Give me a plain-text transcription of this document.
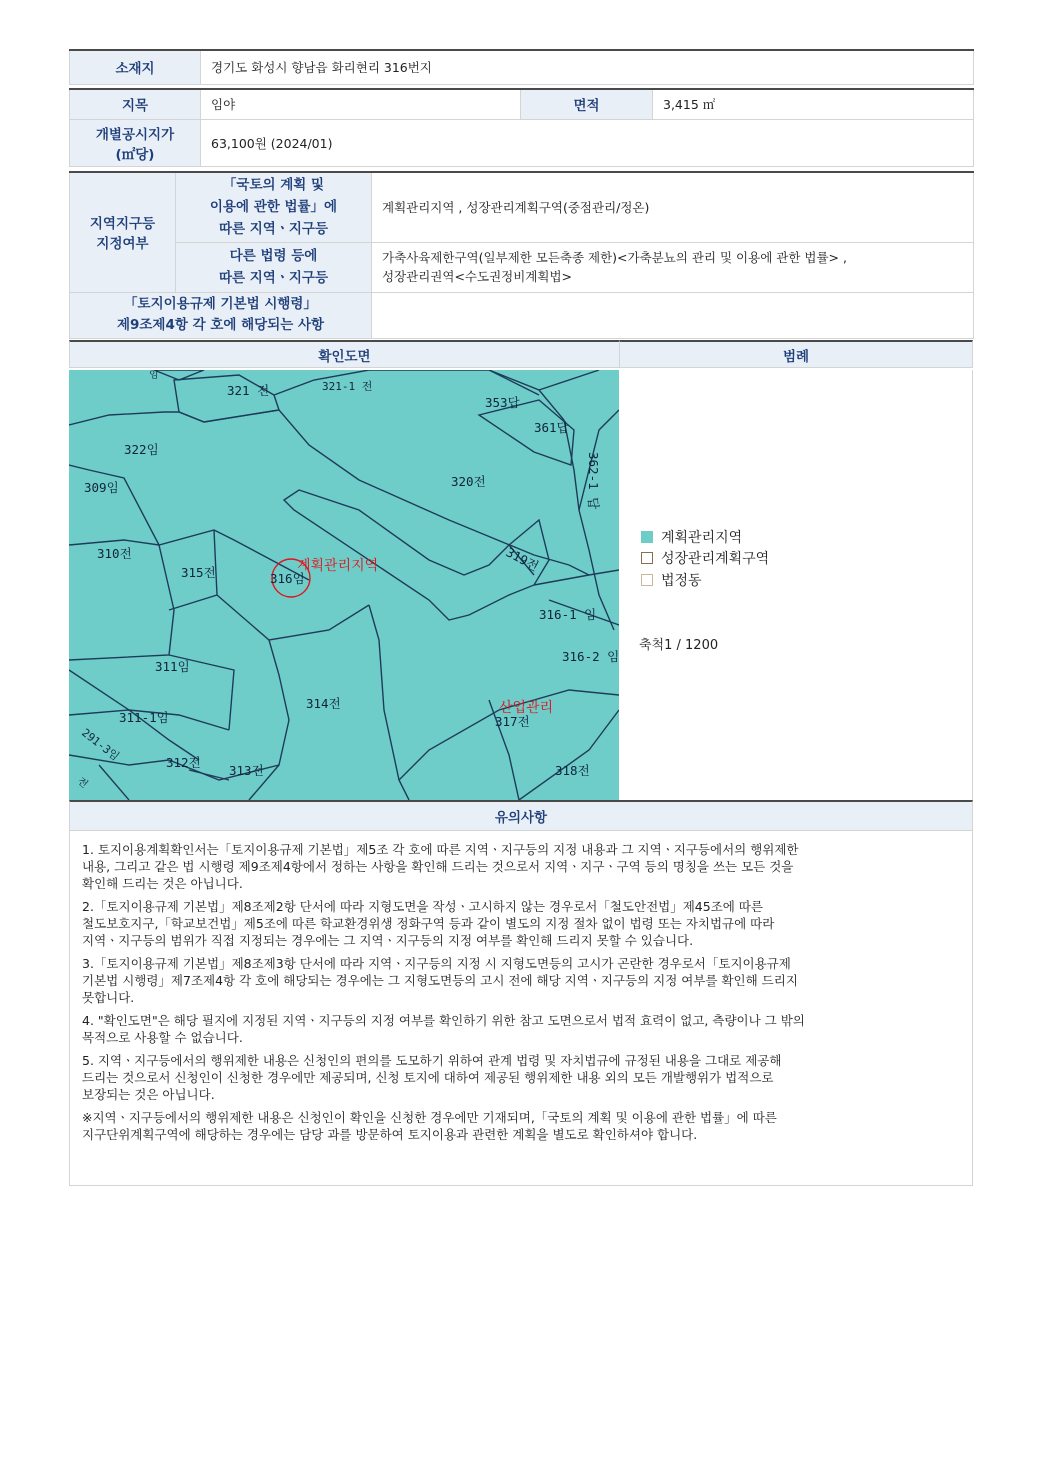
소재지	경기도 화성시 향남읍 화리현리 316번지		

지목	임야	면적	3,415 ㎡
개별공시지가
(㎡당)	63,100원 (2024/01)		
지역지구등
지정여부	「국토의 계획 및
이용에 관한 법률」에
따른 지역ㆍ지구등	계획관리지역 , 성장관리계획구역(중점관리/정온)
	다른 법령 등에
따른 지역ㆍ지구등	가축사육제한구역(일부제한 모든축종 제한)<가축분뇨의 관리 및 이용에 관한 법률> ,
성장관리권역<수도권정비계획법>
「토지이용규제 기본법 시행령」
제9조제4항 각 호에 해당되는 사항		
확인도면	범례
321 전	321-1 전
353답
361답
362-1 답
322임
309임	320전
310전
315전	316임
319전
316-1 임
316-2 임
311임
314전
311-1임	317전
291-3임	312전
313전	318전
임
전
계획관리지역
산업관리
계획관리지역
성장관리계획구역
법정동
축척1 / 1200
유의사항

1. 토지이용계획확인서는「토지이용규제 기본법」제5조 각 호에 따른 지역ㆍ지구등의 지정 내용과 그 지역ㆍ지구등에서의 행위제한
내용, 그리고 같은 법 시행령 제9조제4항에서 정하는 사항을 확인해 드리는 것으로서 지역ㆍ지구ㆍ구역 등의 명칭을 쓰는 모든 것을
확인해 드리는 것은 아닙니다.

2.「토지이용규제 기본법」제8조제2항 단서에 따라 지형도면을 작성ㆍ고시하지 않는 경우로서「철도안전법」제45조에 따른
철도보호지구,「학교보건법」제5조에 따른 학교환경위생 정화구역 등과 같이 별도의 지정 절차 없이 법령 또는 자치법규에 따라
지역ㆍ지구등의 범위가 직접 지정되는 경우에는 그 지역ㆍ지구등의 지정 여부를 확인해 드리지 못할 수 있습니다.

3.「토지이용규제 기본법」제8조제3항 단서에 따라 지역ㆍ지구등의 지정 시 지형도면등의 고시가 곤란한 경우로서「토지이용규제
기본법 시행령」제7조제4항 각 호에 해당되는 경우에는 그 지형도면등의 고시 전에 해당 지역ㆍ지구등의 지정 여부를 확인해 드리지
못합니다.

4. "확인도면"은 해당 필지에 지정된 지역ㆍ지구등의 지정 여부를 확인하기 위한 참고 도면으로서 법적 효력이 없고, 측량이나 그 밖의
목적으로 사용할 수 없습니다.

5. 지역ㆍ지구등에서의 행위제한 내용은 신청인의 편의를 도모하기 위하여 관계 법령 및 자치법규에 규정된 내용을 그대로 제공해
드리는 것으로서 신청인이 신청한 경우에만 제공되며, 신청 토지에 대하여 제공된 행위제한 내용 외의 모든 개발행위가 법적으로
보장되는 것은 아닙니다.

※지역ㆍ지구등에서의 행위제한 내용은 신청인이 확인을 신청한 경우에만 기재되며,「국토의 계획 및 이용에 관한 법률」에 따른
지구단위계획구역에 해당하는 경우에는 담당 과를 방문하여 토지이용과 관련한 계획을 별도로 확인하셔야 합니다.
